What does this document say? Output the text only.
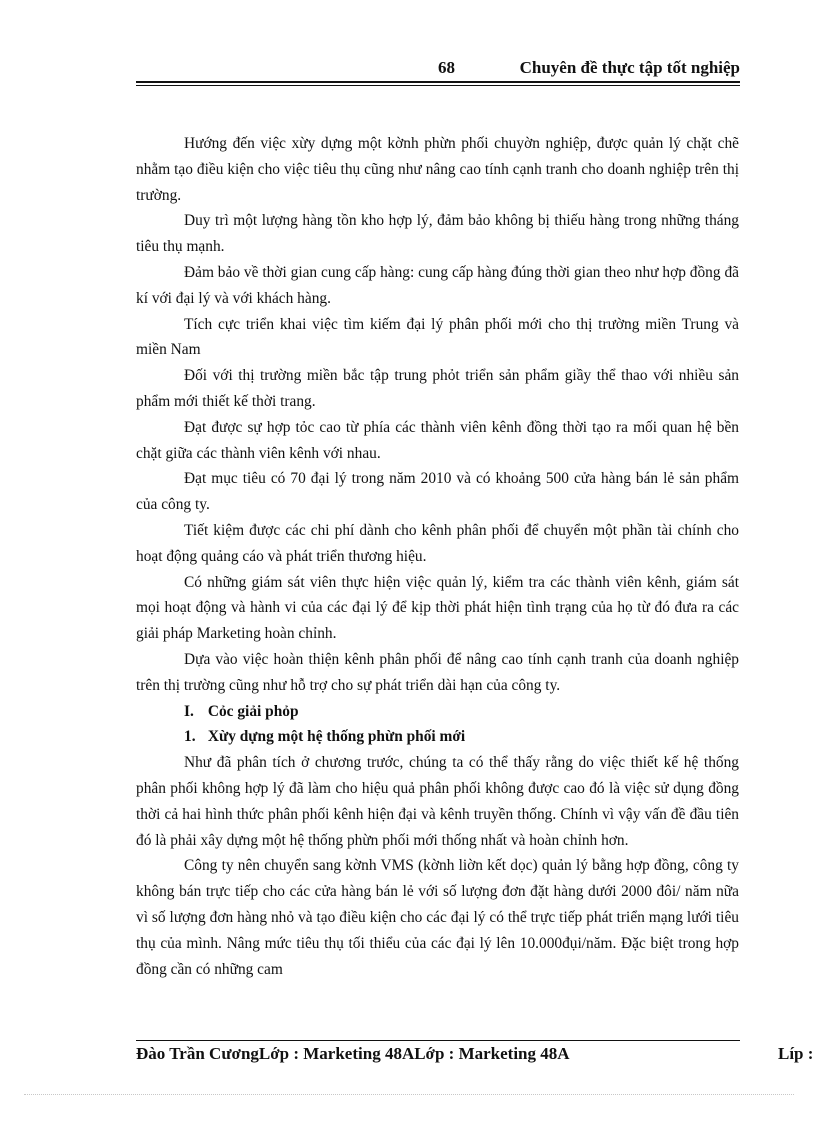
68	Chuyên đề thực tập tốt nghiệp

Hướng đến việc xừy dựng một kờnh phừn phối chuyờn nghiệp, được quản lý chặt chẽ nhằm tạo điều kiện cho việc tiêu thụ cũng như nâng cao tính cạnh tranh cho doanh nghiệp trên thị trường.

Duy trì một lượng hàng tồn kho hợp lý, đảm bảo không bị thiếu hàng trong những tháng tiêu thụ mạnh.

Đảm bảo về thời gian cung cấp hàng: cung cấp hàng đúng thời gian theo như hợp đồng đã kí với đại lý và với khách hàng.

Tích cực triển khai việc tìm kiếm đại lý phân phối mới cho thị trường miền Trung và miền Nam

Đối với thị trường miền bắc tập trung phỏt triển sản phẩm giầy thể thao với nhiều sản phẩm mới thiết kế thời trang.

Đạt được sự hợp tỏc cao từ phía các thành viên kênh đồng thời tạo ra mối quan hệ bền chặt giữa các thành viên kênh với nhau.

Đạt mục tiêu có 70 đại lý trong năm 2010 và có khoảng 500 cửa hàng bán lẻ sản phẩm của công ty.

Tiết kiệm được các chi phí dành cho kênh phân phối để chuyển một phần tài chính cho hoạt động quảng cáo và phát triển thương hiệu.

Có những giám sát viên thực hiện việc quản lý, kiểm tra các thành viên kênh, giám sát mọi hoạt động và hành vi của các đại lý để kịp thời phát hiện tình trạng của họ từ đó đưa ra các giải pháp Marketing hoàn chỉnh.

Dựa vào việc hoàn thiện kênh phân phối để nâng cao tính cạnh tranh của doanh nghiệp trên thị trường cũng như hỗ trợ cho sự phát triển dài hạn của công ty.

I. Cỏc giải phỏp

1. Xừy dựng một hệ thống phừn phối mới

Như đã phân tích ở chương trước, chúng ta có thể thấy rằng do việc thiết kế hệ thống phân phối không hợp lý đã làm cho hiệu quả phân phối không được cao đó là việc sử dụng đồng thời cả hai hình thức phân phối kênh hiện đại và kênh truyền thống. Chính vì vậy vấn đề đầu tiên đó là phải xây dựng một hệ thống phừn phối mới thống nhất và hoàn chỉnh hơn.

Công ty nên chuyển sang kờnh VMS (kờnh liờn kết dọc) quản lý bằng hợp đồng, công ty không bán trực tiếp cho các cửa hàng bán lẻ với số lượng đơn đặt hàng dưới 2000 đôi/ năm nữa vì số lượng đơn hàng nhỏ và tạo điều kiện cho các đại lý có thể trực tiếp phát triển mạng lưới tiêu thụ của mình. Nâng mức tiêu thụ tối thiểu của các đại lý lên 10.000đụi/năm. Đặc biệt trong hợp đồng cần có những cam

Đào Trần CươngLớp : Marketing 48ALớp : Marketing 48A	Líp :
